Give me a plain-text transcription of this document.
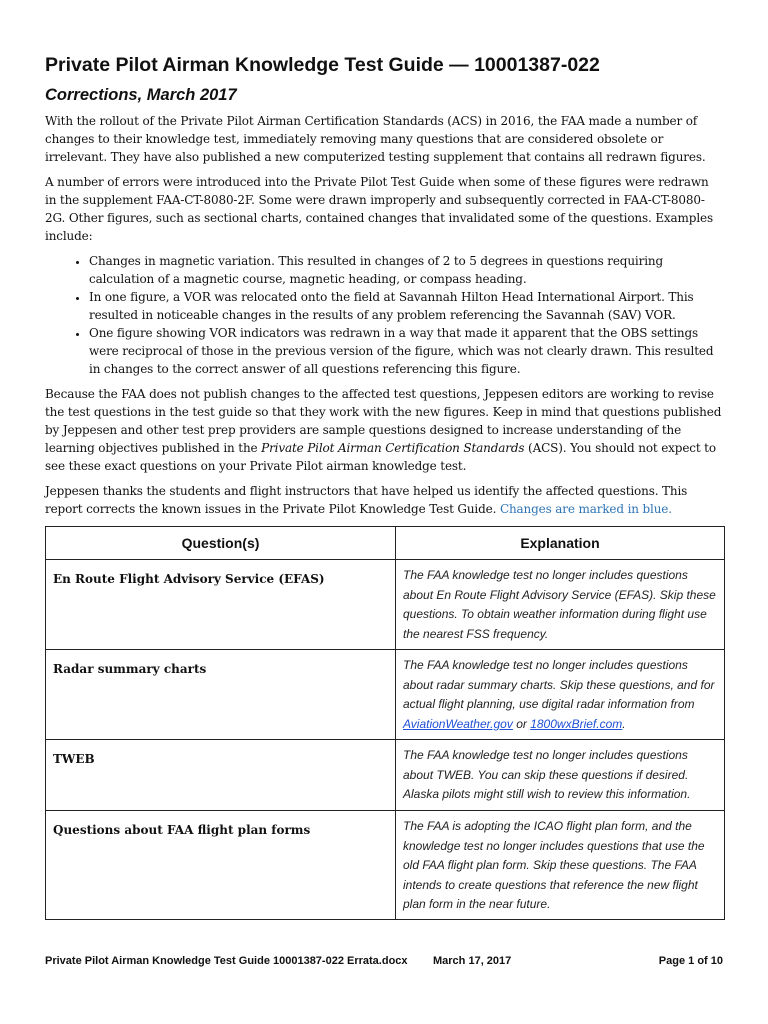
Private Pilot Airman Knowledge Test Guide — 10001387-022
Corrections, March 2017

With the rollout of the Private Pilot Airman Certification Standards (ACS) in 2016, the FAA made a number of changes to their knowledge test, immediately removing many questions that are considered obsolete or irrelevant. They have also published a new computerized testing supplement that contains all redrawn figures.

A number of errors were introduced into the Private Pilot Test Guide when some of these figures were redrawn in the supplement FAA-CT-8080-2F. Some were drawn improperly and subsequently corrected in FAA-CT-8080-2G. Other figures, such as sectional charts, contained changes that invalidated some of the questions. Examples include:

• Changes in magnetic variation. This resulted in changes of 2 to 5 degrees in questions requiring calculation of a magnetic course, magnetic heading, or compass heading.
• In one figure, a VOR was relocated onto the field at Savannah Hilton Head International Airport. This resulted in noticeable changes in the results of any problem referencing the Savannah (SAV) VOR.
• One figure showing VOR indicators was redrawn in a way that made it apparent that the OBS settings were reciprocal of those in the previous version of the figure, which was not clearly drawn. This resulted in changes to the correct answer of all questions referencing this figure.

Because the FAA does not publish changes to the affected test questions, Jeppesen editors are working to revise the test questions in the test guide so that they work with the new figures. Keep in mind that questions published by Jeppesen and other test prep providers are sample questions designed to increase understanding of the learning objectives published in the Private Pilot Airman Certification Standards (ACS). You should not expect to see these exact questions on your Private Pilot airman knowledge test.

Jeppesen thanks the students and flight instructors that have helped us identify the affected questions. This report corrects the known issues in the Private Pilot Knowledge Test Guide. Changes are marked in blue.

Question(s)	Explanation
En Route Flight Advisory Service (EFAS)	The FAA knowledge test no longer includes questions about En Route Flight Advisory Service (EFAS). Skip these questions. To obtain weather information during flight use the nearest FSS frequency.
Radar summary charts	The FAA knowledge test no longer includes questions about radar summary charts. Skip these questions, and for actual flight planning, use digital radar information from AviationWeather.gov or 1800wxBrief.com.
TWEB	The FAA knowledge test no longer includes questions about TWEB. You can skip these questions if desired. Alaska pilots might still wish to review this information.
Questions about FAA flight plan forms	The FAA is adopting the ICAO flight plan form, and the knowledge test no longer includes questions that use the old FAA flight plan form. Skip these questions. The FAA intends to create questions that reference the new flight plan form in the near future.
Private Pilot Airman Knowledge Test Guide 10001387-022 Errata.docx March 17, 2017	Page 1 of 10
